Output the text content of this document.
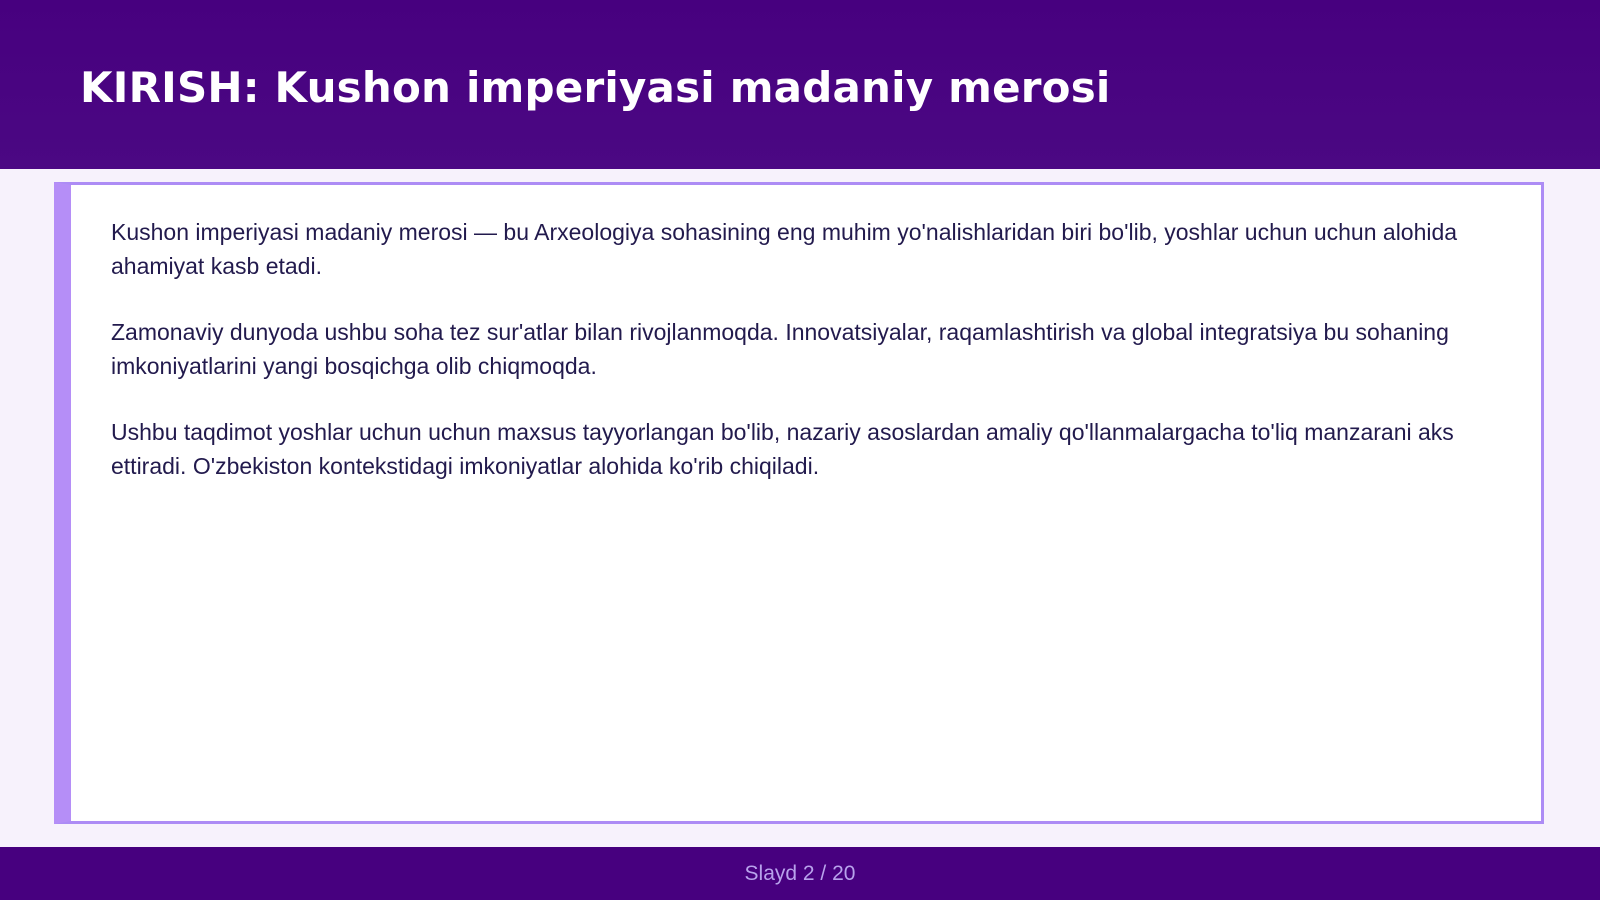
KIRISH: Kushon imperiyasi madaniy merosi

Kushon imperiyasi madaniy merosi — bu Arxeologiya sohasining eng muhim yo'nalishlaridan biri bo'lib, yoshlar uchun uchun alohida ahamiyat kasb etadi.

Zamonaviy dunyoda ushbu soha tez sur'atlar bilan rivojlanmoqda. Innovatsiyalar, raqamlashtirish va global integratsiya bu sohaning imkoniyatlarini yangi bosqichga olib chiqmoqda.

Ushbu taqdimot yoshlar uchun uchun maxsus tayyorlangan bo'lib, nazariy asoslardan amaliy qo'llanmalargacha to'liq manzarani aks ettiradi. O'zbekiston kontekstidagi imkoniyatlar alohida ko'rib chiqiladi.

Slayd 2 / 20
